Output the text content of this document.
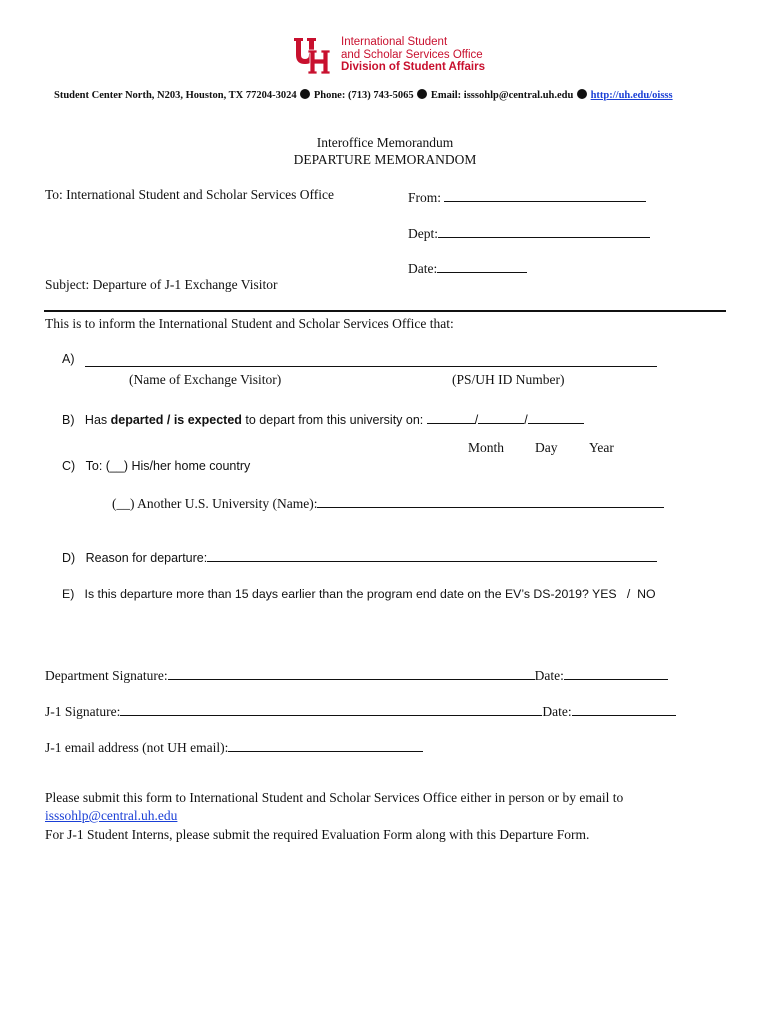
International Student
and Scholar Services Office
Division of Student Affairs
Student Center North, N203, Houston, TX 77204-3024 Phone: (713) 743-5065 Email: isssohlp@central.uh.edu http://uh.edu/oisss
Interoffice Memorandum
DEPARTURE MEMORANDOM
To: International Student and Scholar Services Office	From:
Dept:
Date:
Subject: Departure of J-1 Exchange Visitor
This is to inform the International Student and Scholar Services Office that:
A)
(Name of Exchange Visitor)	(PS/UH ID Number)
B) Has departed / is expected to depart from this university on:	/	/
Month Day Year
C) To: (__) His/her home country
(__) Another U.S. University (Name):
D) Reason for departure:
E) Is this departure more than 15 days earlier than the program end date on the EV’s DS-2019? YES / NO
Department Signature:	Date:
J-1 Signature:	Date:
J-1 email address (not UH email):
Please submit this form to International Student and Scholar Services Office either in person or by email to
isssohlp@central.uh.edu
For J-1 Student Interns, please submit the required Evaluation Form along with this Departure Form.
